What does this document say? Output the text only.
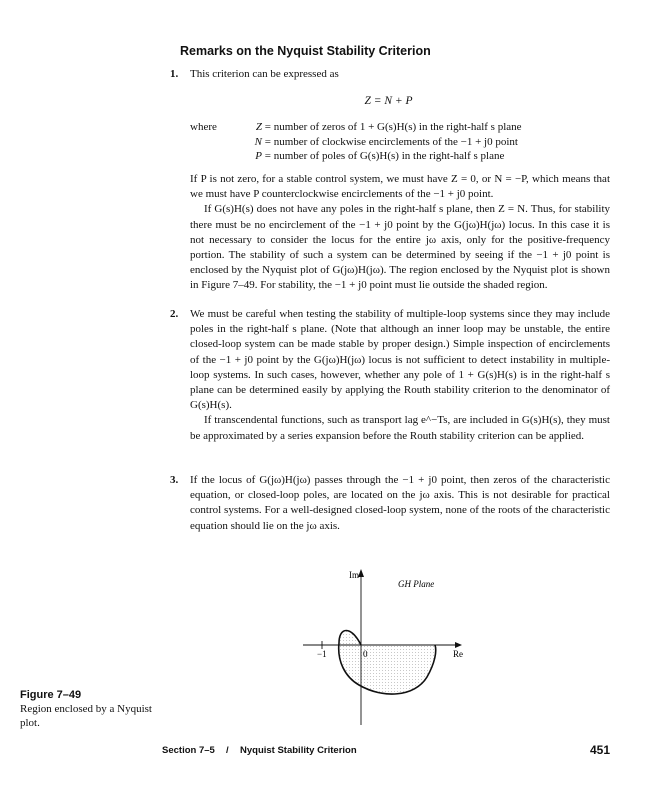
Remarks on the Nyquist Stability Criterion
1. This criterion can be expressed as
Z = N + P
where	Z = number of zeros of 1 + G(s)H(s) in the right-half s plane
N = number of clockwise encirclements of the −1 + j0 point
P = number of poles of G(s)H(s) in the right-half s plane

If P is not zero, for a stable control system, we must have Z = 0, or N = −P, which means that we must have P counterclockwise encirclements of the −1 + j0 point.

If G(s)H(s) does not have any poles in the right-half s plane, then Z = N. Thus, for stability there must be no encirclement of the −1 + j0 point by the G(jω)H(jω) locus. In this case it is not necessary to consider the locus for the entire jω axis, only for the positive-frequency portion. The stability of such a system can be determined by seeing if the −1 + j0 point is enclosed by the Nyquist plot of G(jω)H(jω). The region enclosed by the Nyquist plot is shown in Figure 7–49. For stability, the −1 + j0 point must lie outside the shaded region.

2. We must be careful when testing the stability of multiple-loop systems since they may include poles in the right-half s plane. (Note that although an inner loop may be unstable, the entire closed-loop system can be made stable by proper design.) Simple inspection of encirclements of the −1 + j0 point by the G(jω)H(jω) locus is not sufficient to detect instability in multiple-loop systems. In such cases, however, whether any pole of 1 + G(s)H(s) is in the right-half s plane can be determined easily by applying the Routh stability criterion to the denominator of G(s)H(s).

If transcendental functions, such as transport lag e^−Ts, are included in G(s)H(s), they must be approximated by a series expansion before the Routh stability criterion can be applied.

3. If the locus of G(jω)H(jω) passes through the −1 + j0 point, then zeros of the characteristic equation, or closed-loop poles, are located on the jω axis. This is not desirable for practical control systems. For a well-designed closed-loop system, none of the roots of the characteristic equation should lie on the jω axis.

Im
Re
GH Plane
−1	0
Figure 7–49
Region enclosed by a Nyquist plot.
Section 7–5 / Nyquist Stability Criterion	451
